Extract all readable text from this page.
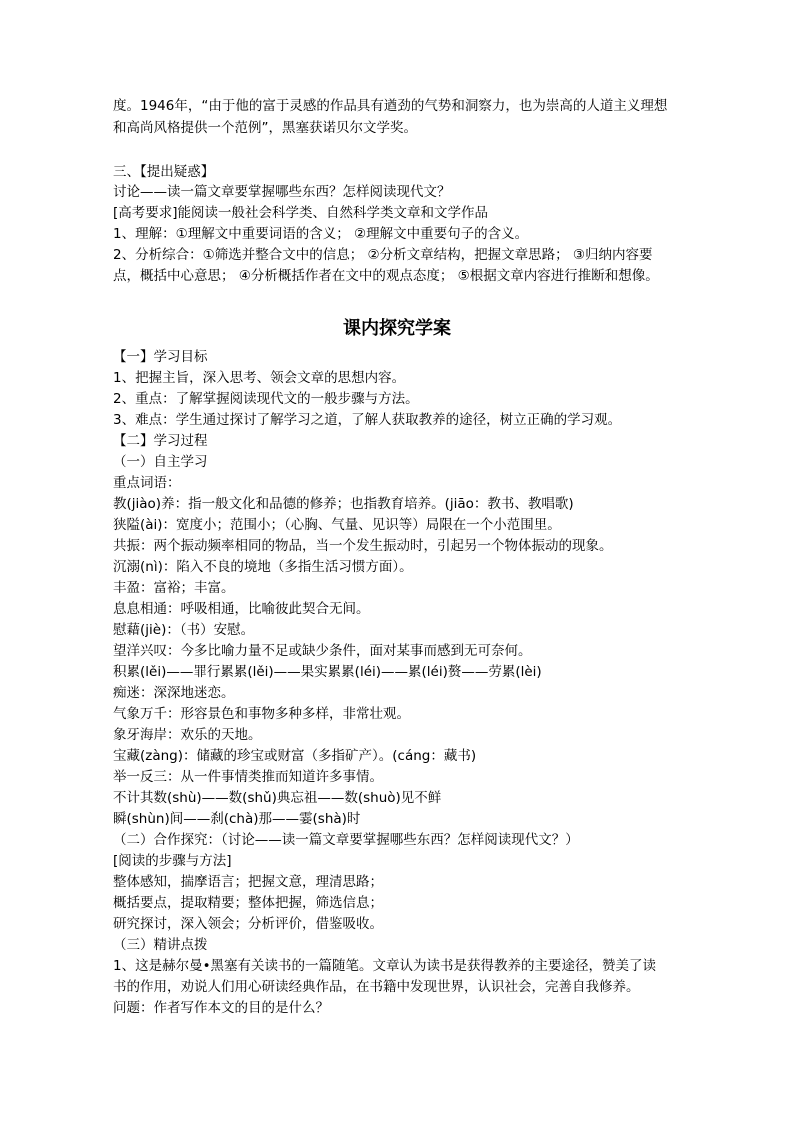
度。1946年，“由于他的富于灵感的作品具有遒劲的气势和洞察力，也为崇高的人道主义理想
和高尚风格提供一个范例”，黑塞获诺贝尔文学奖。
三、【提出疑惑】
讨论——读一篇文章要掌握哪些东西？怎样阅读现代文？
[高考要求]能阅读一般社会科学类、自然科学类文章和文学作品
1、理解：①理解文中重要词语的含义； ②理解文中重要句子的含义。
2、分析综合：①筛选并整合文中的信息； ②分析文章结构，把握文章思路； ③归纳内容要
点，概括中心意思； ④分析概括作者在文中的观点态度； ⑤根据文章内容进行推断和想像。
课内探究学案
【一】学习目标
1、把握主旨，深入思考、领会文章的思想内容。
2、重点：了解掌握阅读现代文的一般步骤与方法。
3、难点：学生通过探讨了解学习之道，了解人获取教养的途径，树立正确的学习观。
【二】学习过程
（一）自主学习
重点词语：
教(jiào)养：指一般文化和品德的修养；也指教育培养。(jiāo：教书、教唱歌)
狭隘(ài)：宽度小；范围小；（心胸、气量、见识等）局限在一个小范围里。
共振：两个振动频率相同的物品，当一个发生振动时，引起另一个物体振动的现象。
沉溺(nì)：陷入不良的境地（多指生活习惯方面）。
丰盈：富裕；丰富。
息息相通：呼吸相通，比喻彼此契合无间。
慰藉(jiè)：（书）安慰。
望洋兴叹：今多比喻力量不足或缺少条件，面对某事而感到无可奈何。
积累(lěi)——罪行累累(lěi)——果实累累(léi)——累(léi)赘——劳累(lèi)
痴迷：深深地迷恋。
气象万千：形容景色和事物多种多样，非常壮观。
象牙海岸：欢乐的天地。
宝藏(zàng)：储藏的珍宝或财富（多指矿产）。(cáng：藏书)
举一反三：从一件事情类推而知道许多事情。
不计其数(shù)——数(shǔ)典忘祖——数(shuò)见不鲜
瞬(shùn)间——刹(chà)那——霎(shà)时
（二）合作探究：（讨论——读一篇文章要掌握哪些东西？怎样阅读现代文？）
[阅读的步骤与方法]
整体感知，揣摩语言；把握文意，理清思路；
概括要点，提取精要；整体把握，筛选信息；
研究探讨，深入领会；分析评价，借鉴吸收。
（三）精讲点拨
1、这是赫尔曼•黑塞有关读书的一篇随笔。文章认为读书是获得教养的主要途径，赞美了读
书的作用，劝说人们用心研读经典作品，在书籍中发现世界，认识社会，完善自我修养。
问题：作者写作本文的目的是什么？
